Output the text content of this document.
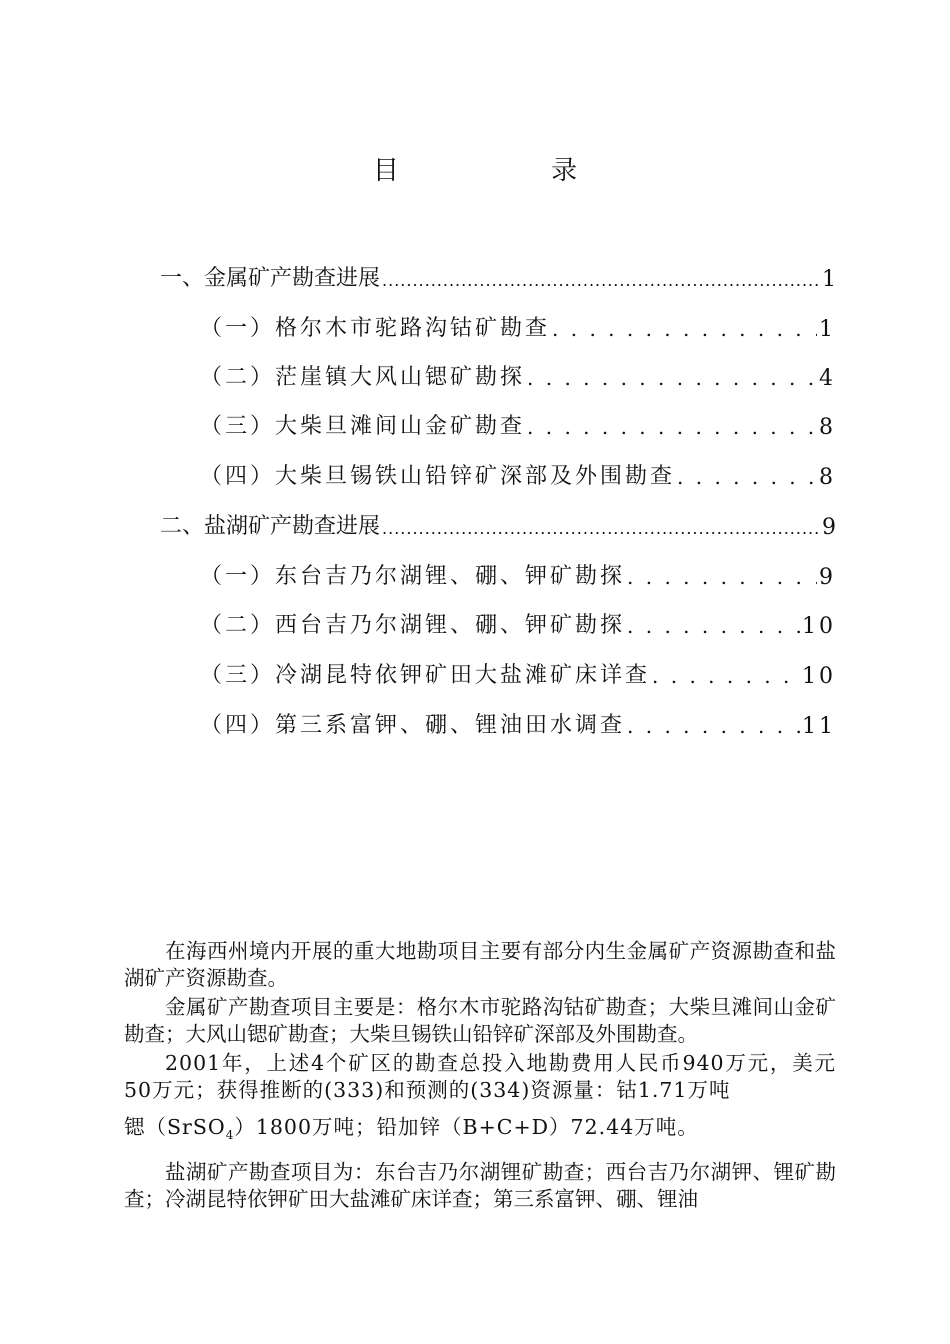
目 录
一、金属矿产勘查进展 .....	1
（一）格尔木市驼路沟钴矿勘查 . . .	1
（二）茫崖镇大风山锶矿勘探 . . .	4
（三）大柴旦滩间山金矿勘查 . . .	8
（四）大柴旦锡铁山铅锌矿深部及外围勘查 . . .	8
二、盐湖矿产勘查进展 .....	9
（一）东台吉乃尔湖锂、硼、钾矿勘探 . . .	9
（二）西台吉乃尔湖锂、硼、钾矿勘探 . . .	10
（三）冷湖昆特依钾矿田大盐滩矿床详查 . . .	10
（四）第三系富钾、硼、锂油田水调查 . . .	11

在海西州境内开展的重大地勘项目主要有部分内生金属矿产资源勘查和盐湖矿产资源勘查。

金属矿产勘查项目主要是：格尔木市驼路沟钴矿勘查；大柴旦滩间山金矿勘查；大风山锶矿勘查；大柴旦锡铁山铅锌矿深部及外围勘查。

2001年，上述4个矿区的勘查总投入地勘费用人民币940万元，美元50万元；获得推断的(333)和预测的(334)资源量：钴1.71万吨

锶（SrSO$_4$）1800万吨；铅加锌（B+C+D）72.44万吨。

盐湖矿产勘查项目为：东台吉乃尔湖锂矿勘查；西台吉乃尔湖钾、锂矿勘查；冷湖昆特依钾矿田大盐滩矿床详查；第三系富钾、硼、锂油
